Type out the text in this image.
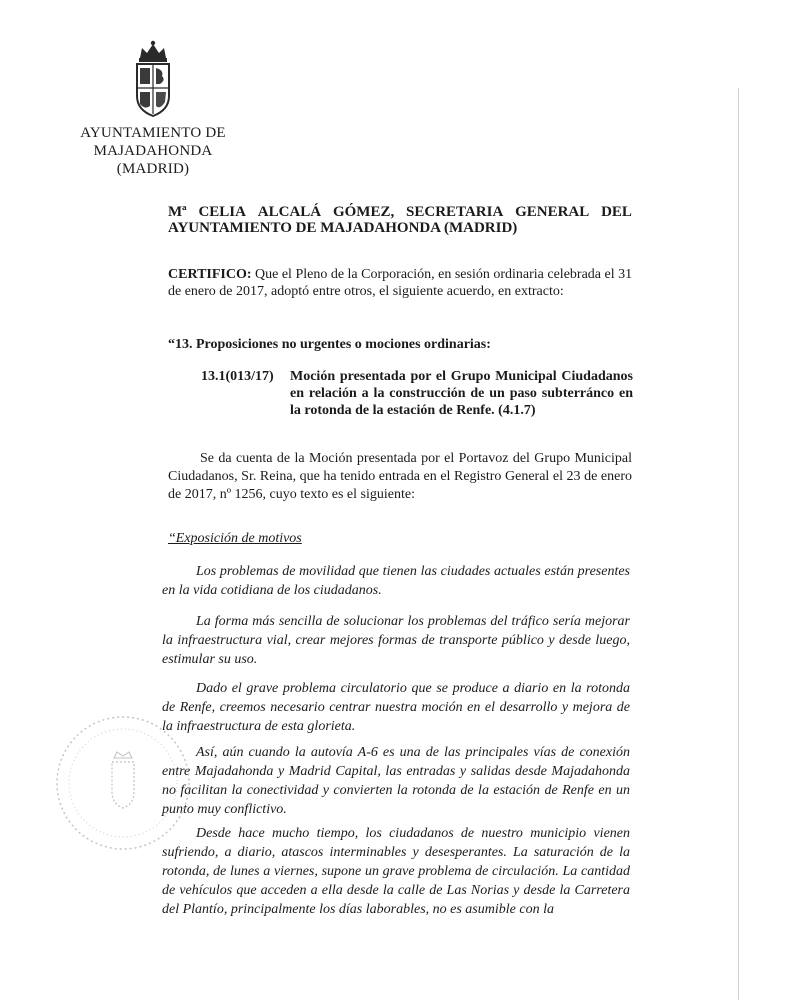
AYUNTAMIENTO DE
MAJADAHONDA
(MADRID)
Mª CELIA ALCALÁ GÓMEZ, SECRETARIA GENERAL DEL
AYUNTAMIENTO DE MAJADAHONDA (MADRID)
CERTIFICO: Que el Pleno de la Corporación, en sesión ordinaria celebrada el 31 de enero de 2017, adoptó entre otros, el siguiente acuerdo, en extracto:
“13. Proposiciones no urgentes o mociones ordinarias:
13.1(013/17) Moción presentada por el Grupo Municipal Ciudadanos en relación a la construcción de un paso subterránco en la rotonda de la estación de Renfe. (4.1.7)
Se da cuenta de la Moción presentada por el Portavoz del Grupo Municipal Ciudadanos, Sr. Reina, que ha tenido entrada en el Registro General el 23 de enero de 2017, nº 1256, cuyo texto es el siguiente:
“Exposición de motivos
Los problemas de movilidad que tienen las ciudades actuales están presentes en la vida cotidiana de los ciudadanos.
La forma más sencilla de solucionar los problemas del tráfico sería mejorar la infraestructura vial, crear mejores formas de transporte público y desde luego, estimular su uso.
Dado el grave problema circulatorio que se produce a diario en la rotonda de Renfe, creemos necesario centrar nuestra moción en el desarrollo y mejora de la infraestructura de esta glorieta.
Así, aún cuando la autovía A-6 es una de las principales vías de conexión entre Majadahonda y Madrid Capital, las entradas y salidas desde Majadahonda no facilitan la conectividad y convierten la rotonda de la estación de Renfe en un punto muy conflictivo.
Desde hace mucho tiempo, los ciudadanos de nuestro municipio vienen sufriendo, a diario, atascos interminables y desesperantes. La saturación de la rotonda, de lunes a viernes, supone un grave problema de circulación. La cantidad de vehículos que acceden a ella desde la calle de Las Norias y desde la Carretera del Plantío, principalmente los días laborables, no es asumible con la
